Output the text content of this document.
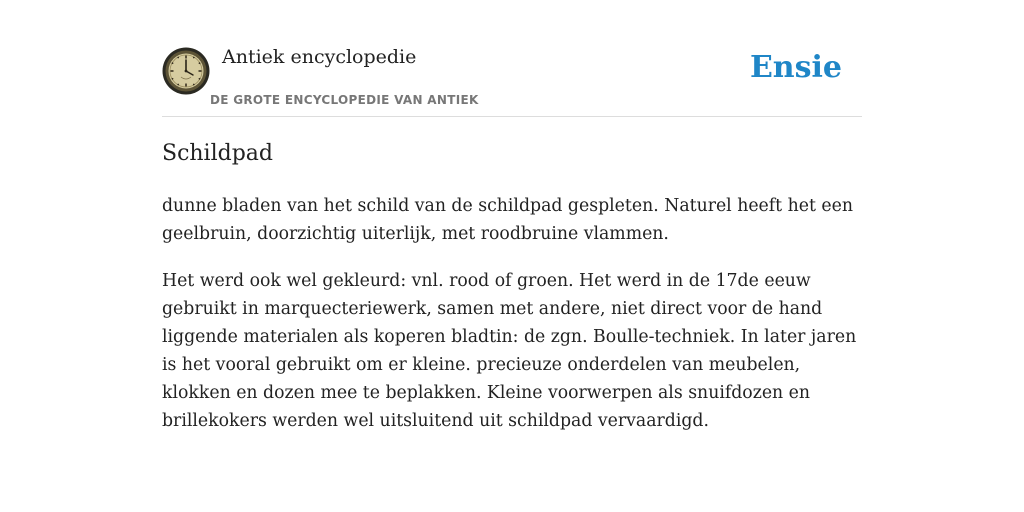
Antiek encyclopedie
DE GROTE ENCYCLOPEDIE VAN ANTIEK
Ensie
Schildpad

dunne bladen van het schild van de schildpad gespleten. Naturel heeft het een geelbruin, doorzichtig uiterlijk, met roodbruine vlammen.

Het werd ook wel gekleurd: vnl. rood of groen. Het werd in de 17de eeuw gebruikt in marquecteriewerk, samen met andere, niet direct voor de hand liggende materialen als koperen bladtin: de zgn. Boulle-techniek. In later jaren is het vooral gebruikt om er kleine. precieuze onderdelen van meubelen, klokken en dozen mee te beplakken. Kleine voorwerpen als snuifdozen en brillekokers werden wel uitsluitend uit schildpad vervaardigd.
